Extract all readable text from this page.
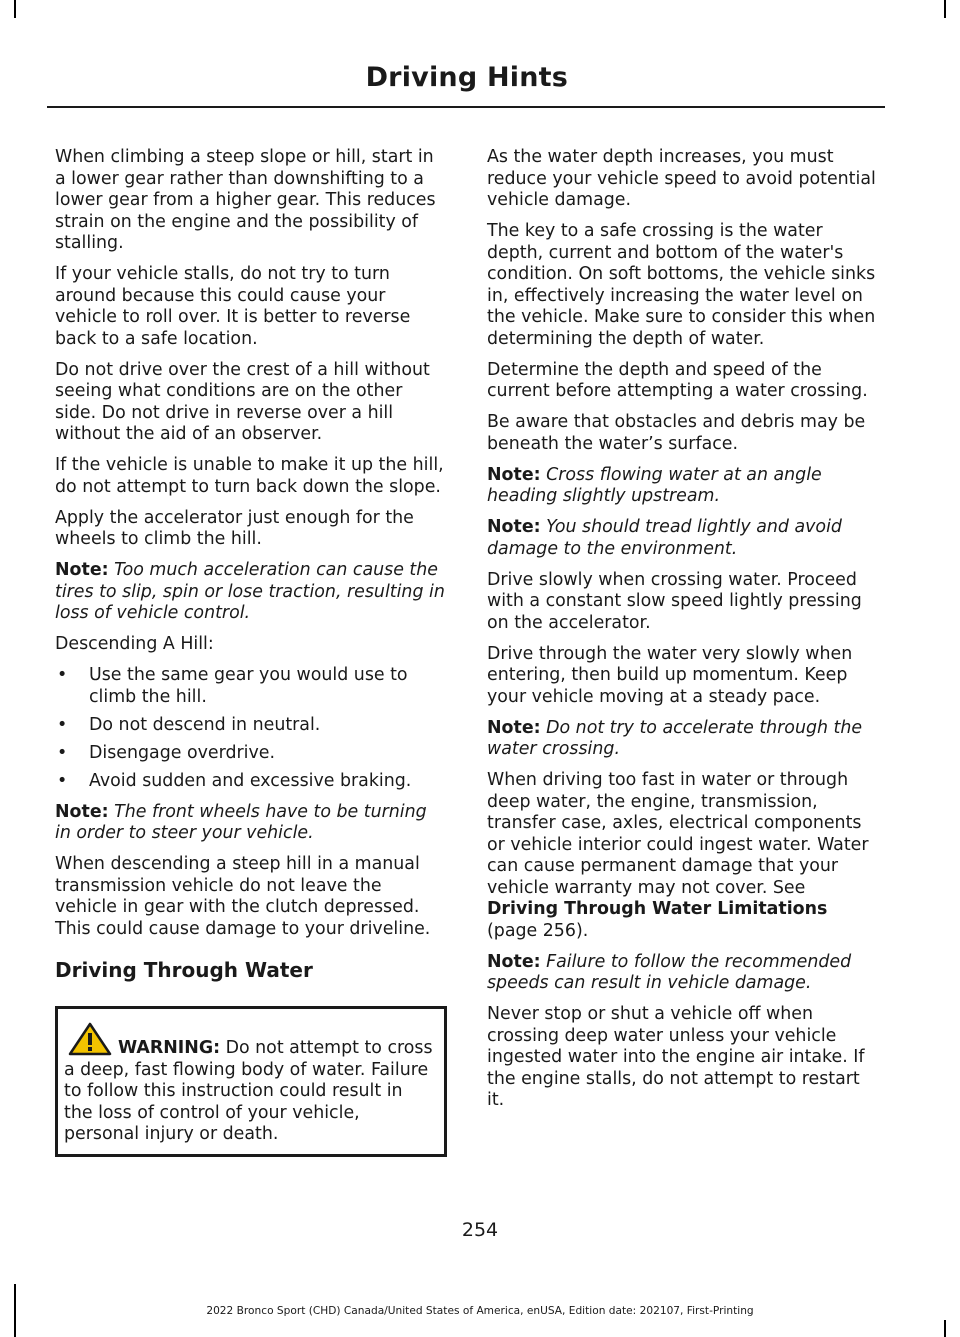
Driving Hints

When climbing a steep slope or hill, start in a lower gear rather than downshifting to a lower gear from a higher gear. This reduces strain on the engine and the possibility of stalling.

If your vehicle stalls, do not try to turn around because this could cause your vehicle to roll over. It is better to reverse back to a safe location.

Do not drive over the crest of a hill without seeing what conditions are on the other side. Do not drive in reverse over a hill without the aid of an observer.

If the vehicle is unable to make it up the hill, do not attempt to turn back down the slope.

Apply the accelerator just enough for the wheels to climb the hill.

Note: Too much acceleration can cause the tires to slip, spin or lose traction, resulting in loss of vehicle control.

Descending A Hill:

• Use the same gear you would use to climb the hill.
• Do not descend in neutral.
• Disengage overdrive.
• Avoid sudden and excessive braking.

Note: The front wheels have to be turning in order to steer your vehicle.

When descending a steep hill in a manual transmission vehicle do not leave the vehicle in gear with the clutch depressed. This could cause damage to your driveline.

Driving Through Water

WARNING: Do not attempt to cross a deep, fast flowing body of water. Failure to follow this instruction could result in the loss of control of your vehicle, personal injury or death.

As the water depth increases, you must reduce your vehicle speed to avoid potential vehicle damage.

The key to a safe crossing is the water depth, current and bottom of the water's condition. On soft bottoms, the vehicle sinks in, effectively increasing the water level on the vehicle. Make sure to consider this when determining the depth of water.

Determine the depth and speed of the current before attempting a water crossing.

Be aware that obstacles and debris may be beneath the water’s surface.

Note: Cross flowing water at an angle heading slightly upstream.

Note: You should tread lightly and avoid damage to the environment.

Drive slowly when crossing water. Proceed with a constant slow speed lightly pressing on the accelerator.

Drive through the water very slowly when entering, then build up momentum. Keep your vehicle moving at a steady pace.

Note: Do not try to accelerate through the water crossing.

When driving too fast in water or through deep water, the engine, transmission, transfer case, axles, electrical components or vehicle interior could ingest water. Water can cause permanent damage that your vehicle warranty may not cover. See Driving Through Water Limitations (page 256).

Note: Failure to follow the recommended speeds can result in vehicle damage.

Never stop or shut a vehicle off when crossing deep water unless your vehicle ingested water into the engine air intake. If the engine stalls, do not attempt to restart it.

254
2022 Bronco Sport (CHD) Canada/United States of America, enUSA, Edition date: 202107, First-Printing
